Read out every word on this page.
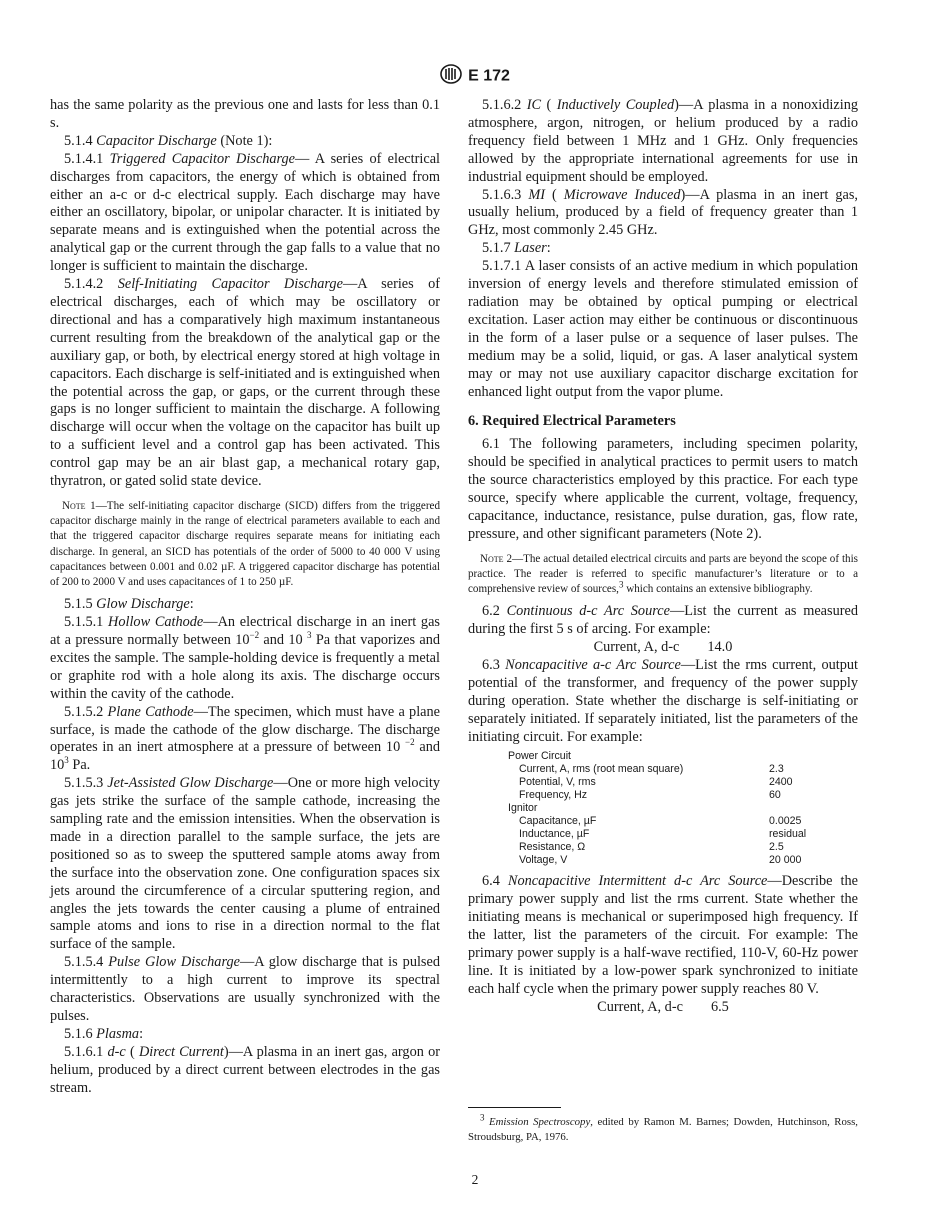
E 172

has the same polarity as the previous one and lasts for less than 0.1 s.

5.1.4 Capacitor Discharge (Note 1):

5.1.4.1 Triggered Capacitor Discharge— A series of electrical discharges from capacitors, the energy of which is obtained from either an a-c or d-c electrical supply. Each discharge may have either an oscillatory, bipolar, or unipolar character. It is initiated by separate means and is extinguished when the potential across the analytical gap or the current through the gap falls to a value that no longer is sufficient to maintain the discharge.

5.1.4.2 Self-Initiating Capacitor Discharge—A series of electrical discharges, each of which may be oscillatory or directional and has a comparatively high maximum instantaneous current resulting from the breakdown of the analytical gap or the auxiliary gap, or both, by electrical energy stored at high voltage in capacitors. Each discharge is self-initiated and is extinguished when the potential across the gap, or gaps, or the current through these gaps is no longer sufficient to maintain the discharge. A following discharge will occur when the voltage on the capacitor has built up to a sufficient level and a control gap has been activated. This control gap may be an air blast gap, a mechanical rotary gap, thyratron, or gated solid state device.

Note 1—The self-initiating capacitor discharge (SICD) differs from the triggered capacitor discharge mainly in the range of electrical parameters available to each and that the triggered capacitor discharge requires separate means for initiating each discharge. In general, an SICD has potentials of the order of 5000 to 40 000 V using capacitances between 0.001 and 0.02 µF. A triggered capacitor discharge has potential of 200 to 2000 V and uses capacitances of 1 to 250 µF.

5.1.5 Glow Discharge:

5.1.5.1 Hollow Cathode—An electrical discharge in an inert gas at a pressure normally between $10^{-2}$ and 10 $^3$ Pa that vaporizes and excites the sample. The sample-holding device is frequently a metal or graphite rod with a hole along its axis. The discharge occurs within the cavity of the cathode.

5.1.5.2 Plane Cathode—The specimen, which must have a plane surface, is made the cathode of the glow discharge. The discharge operates in an inert atmosphere at a pressure of between 10 $^{-2}$ and $10^3$ Pa.

5.1.5.3 Jet-Assisted Glow Discharge—One or more high velocity gas jets strike the surface of the sample cathode, increasing the sampling rate and the emission intensities. When the observation is made in a direction parallel to the sample surface, the jets are positioned so as to sweep the sputtered sample atoms away from the surface into the observation zone. One configuration spaces six jets around the circumference of a circular sputtering region, and angles the jets towards the center causing a plume of entrained sample atoms and ions to rise in a direction normal to the flat surface of the sample.

5.1.5.4 Pulse Glow Discharge—A glow discharge that is pulsed intermittently to a high current to improve its spectral characteristics. Observations are usually synchronized with the pulses.

5.1.6 Plasma:

5.1.6.1 d-c ( Direct Current)—A plasma in an inert gas, argon or helium, produced by a direct current between electrodes in the gas stream.

5.1.6.2 IC ( Inductively Coupled)—A plasma in a nonoxidizing atmosphere, argon, nitrogen, or helium produced by a radio frequency field between 1 MHz and 1 GHz. Only frequencies allowed by the appropriate international agreements for use in industrial equipment should be employed.

5.1.6.3 MI ( Microwave Induced)—A plasma in an inert gas, usually helium, produced by a field of frequency greater than 1 GHz, most commonly 2.45 GHz.

5.1.7 Laser:

5.1.7.1 A laser consists of an active medium in which population inversion of energy levels and therefore stimulated emission of radiation may be obtained by optical pumping or electrical excitation. Laser action may either be continuous or discontinuous in the form of a laser pulse or a sequence of laser pulses. The medium may be a solid, liquid, or gas. A laser analytical system may or may not use auxiliary capacitor discharge excitation for enhanced light output from the vapor plume.

6. Required Electrical Parameters

6.1 The following parameters, including specimen polarity, should be specified in analytical practices to permit users to match the source characteristics employed by this practice. For each type source, specify where applicable the current, voltage, frequency, capacitance, inductance, resistance, pulse duration, gas, flow rate, pressure, and other significant parameters (Note 2).

Note 2—The actual detailed electrical circuits and parts are beyond the scope of this practice. The reader is referred to specific manufacturer’s literature or to a comprehensive review of sources,$^3$ which contains an extensive bibliography.

6.2 Continuous d-c Arc Source—List the current as measured during the first 5 s of arcing. For example:

Current, A, d-c 14.0

6.3 Noncapacitive a-c Arc Source—List the rms current, output potential of the transformer, and frequency of the power supply during operation. State whether the discharge is self-initiating or separately initiated. If separately initiated, list the parameters of the initiating circuit. For example:

Power Circuit	
Current, A, rms (root mean square)	2.3
Potential, V, rms	2400
Frequency, Hz	60
Ignitor	
Capacitance, µF	0.0025
Inductance, µF	residual
Resistance, Ω	2.5
Voltage, V	20 000

6.4 Noncapacitive Intermittent d-c Arc Source—Describe the primary power supply and list the rms current. State whether the initiating means is mechanical or superimposed high frequency. If the latter, list the parameters of the circuit. For example: The primary power supply is a half-wave rectified, 110-V, 60-Hz power line. It is initiated by a low-power spark synchronized to initiate each half cycle when the primary power supply reaches 80 V.

Current, A, d-c 6.5

$^3$ Emission Spectroscopy, edited by Ramon M. Barnes; Dowden, Hutchinson, Ross, Stroudsburg, PA, 1976.
2
